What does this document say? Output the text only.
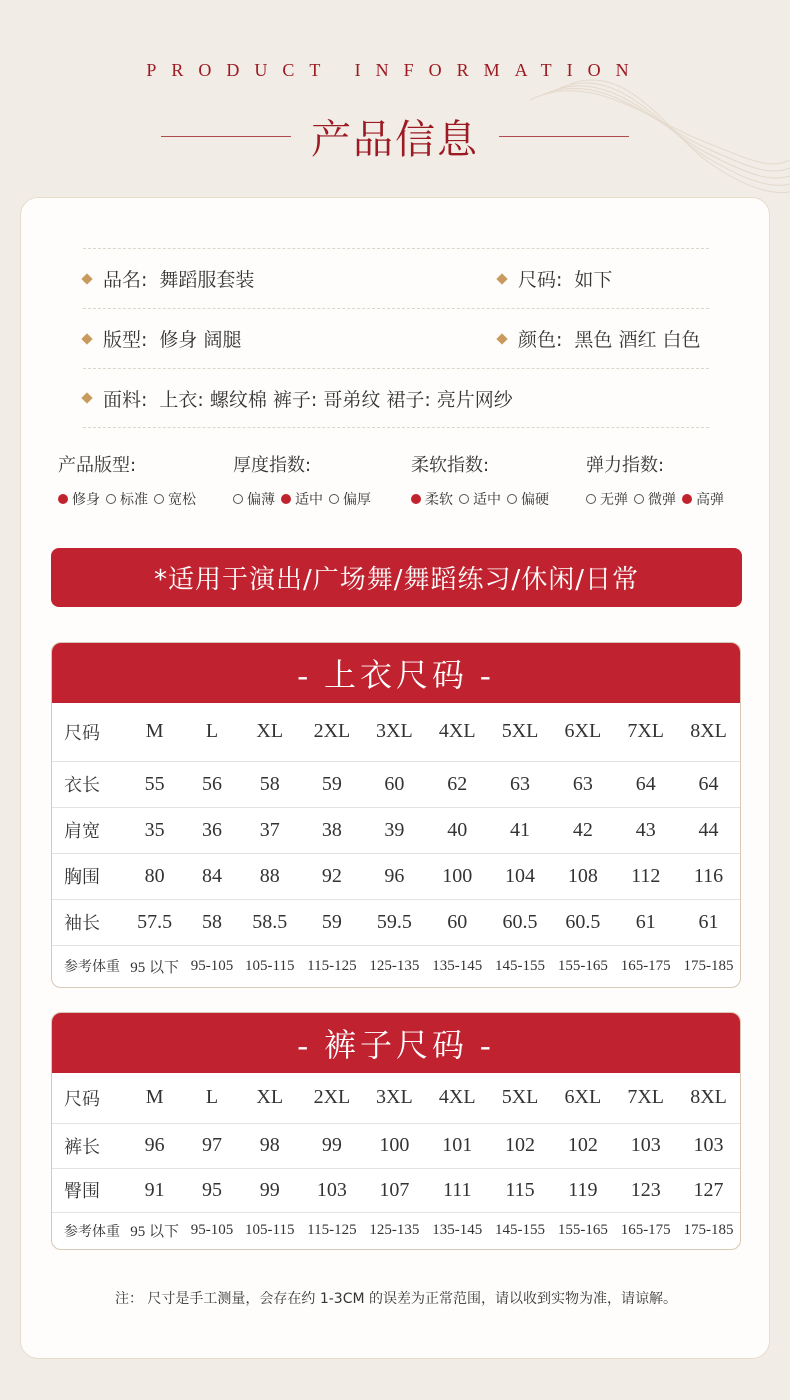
PRODUCT INFORMATION
产品信息
品名: 舞蹈服套装	尺码: 如下
版型: 修身 阔腿	颜色: 黑色 酒红 白色
面料: 上衣: 螺纹棉 裤子: 哥弟纹 裙子: 亮片网纱
产品版型:
修身 标准 宽松
厚度指数:
偏薄 适中 偏厚
柔软指数:
柔软 适中 偏硬
弹力指数:
无弹 微弹 高弹
*适用于演出/广场舞/舞蹈练习/休闲/日常
- 上衣尺码 -
尺码	M	L	XL	2XL	3XL	4XL	5XL	6XL	7XL	8XL
衣长	55	56	58	59	60	62	63	63	64	64
肩宽	35	36	37	38	39	40	41	42	43	44
胸围	80	84	88	92	96	100	104	108	112	116
袖长	57.5	58	58.5	59	59.5	60	60.5	60.5	61	61
参考体重	95 以下	95-105	105-115	115-125	125-135	135-145	145-155	155-165	165-175	175-185
- 裤子尺码 -
尺码	M	L	XL	2XL	3XL	4XL	5XL	6XL	7XL	8XL
裤长	96	97	98	99	100	101	102	102	103	103
臀围	91	95	99	103	107	111	115	119	123	127
参考体重	95 以下	95-105	105-115	115-125	125-135	135-145	145-155	155-165	165-175	175-185
注： 尺寸是手工测量，会存在约 1-3CM 的误差为正常范围，请以收到实物为准，请谅解。
